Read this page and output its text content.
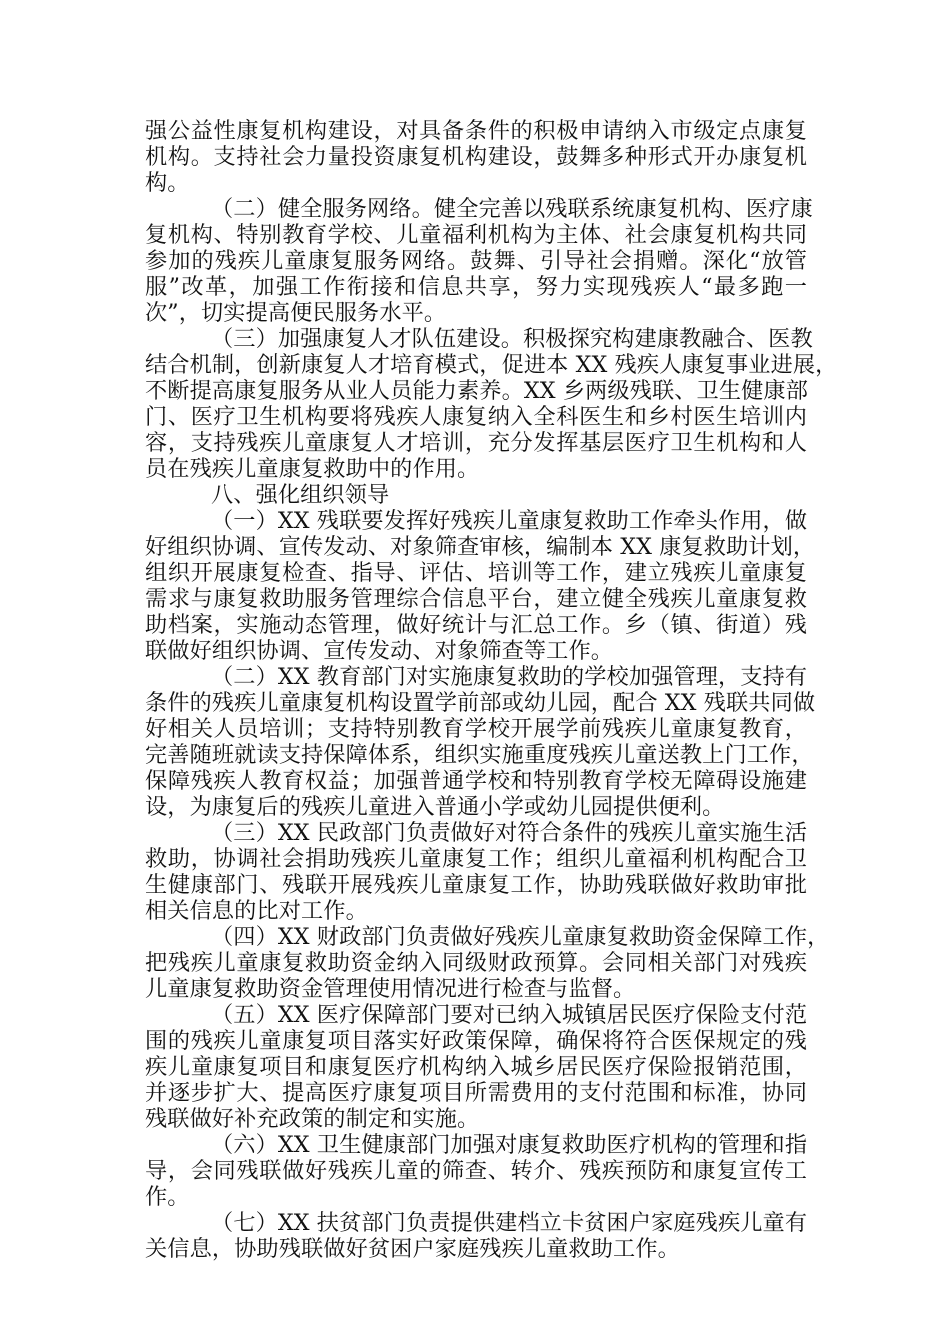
强公益性康复机构建设，对具备条件的积极申请纳入市级定点康复
机构。支持社会力量投资康复机构建设，鼓舞多种形式开办康复机
构。
（二）健全服务网络。健全完善以残联系统康复机构、医疗康
复机构、特别教育学校、儿童福利机构为主体、社会康复机构共同
参加的残疾儿童康复服务网络。鼓舞、引导社会捐赠。深化“放管
服”改革，加强工作衔接和信息共享，努力实现残疾人“最多跑一
次”，切实提高便民服务水平。
（三）加强康复人才队伍建设。积极探究构建康教融合、医教
结合机制，创新康复人才培育模式，促进本 XX 残疾人康复事业进展，
不断提高康复服务从业人员能力素养。XX 乡两级残联、卫生健康部
门、医疗卫生机构要将残疾人康复纳入全科医生和乡村医生培训内
容，支持残疾儿童康复人才培训，充分发挥基层医疗卫生机构和人
员在残疾儿童康复救助中的作用。
八、强化组织领导
（一）XX 残联要发挥好残疾儿童康复救助工作牵头作用，做
好组织协调、宣传发动、对象筛查审核，编制本 XX 康复救助计划，
组织开展康复检查、指导、评估、培训等工作，建立残疾儿童康复
需求与康复救助服务管理综合信息平台，建立健全残疾儿童康复救
助档案，实施动态管理，做好统计与汇总工作。乡（镇、街道）残
联做好组织协调、宣传发动、对象筛查等工作。
（二）XX 教育部门对实施康复救助的学校加强管理，支持有
条件的残疾儿童康复机构设置学前部或幼儿园，配合 XX 残联共同做
好相关人员培训；支持特别教育学校开展学前残疾儿童康复教育，
完善随班就读支持保障体系，组织实施重度残疾儿童送教上门工作，
保障残疾人教育权益；加强普通学校和特别教育学校无障碍设施建
设，为康复后的残疾儿童进入普通小学或幼儿园提供便利。
（三）XX 民政部门负责做好对符合条件的残疾儿童实施生活
救助，协调社会捐助残疾儿童康复工作；组织儿童福利机构配合卫
生健康部门、残联开展残疾儿童康复工作，协助残联做好救助审批
相关信息的比对工作。
（四）XX 财政部门负责做好残疾儿童康复救助资金保障工作，
把残疾儿童康复救助资金纳入同级财政预算。会同相关部门对残疾
儿童康复救助资金管理使用情况进行检查与监督。
（五）XX 医疗保障部门要对已纳入城镇居民医疗保险支付范
围的残疾儿童康复项目落实好政策保障，确保将符合医保规定的残
疾儿童康复项目和康复医疗机构纳入城乡居民医疗保险报销范围，
并逐步扩大、提高医疗康复项目所需费用的支付范围和标准，协同
残联做好补充政策的制定和实施。
（六）XX 卫生健康部门加强对康复救助医疗机构的管理和指
导，会同残联做好残疾儿童的筛查、转介、残疾预防和康复宣传工
作。
（七）XX 扶贫部门负责提供建档立卡贫困户家庭残疾儿童有
关信息，协助残联做好贫困户家庭残疾儿童救助工作。
